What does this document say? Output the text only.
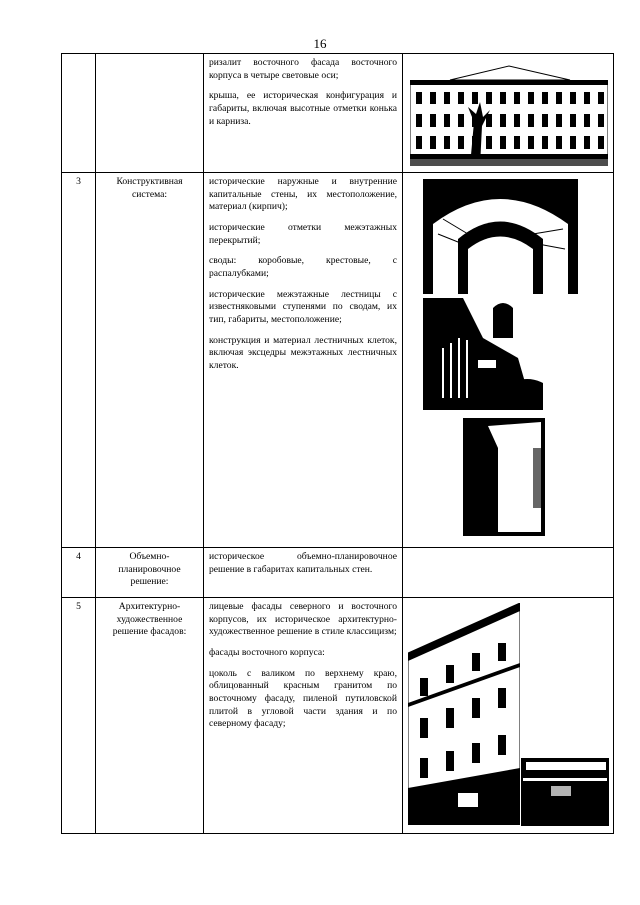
16

		ризалит восточного фасада восточного корпуса в четыре световые оси;

крыша, ее историческая конфигурация и габариты, включая высотные отметки конька и карниза.

3	Конструктивная система:	исторические наружные и внутренние капитальные стены, их местоположение, материал (кирпич);

исторические отметки межэтажных перекрытий;

своды: коробовые, крестовые, с распалубками;

исторические межэтажные лестницы с известняковыми ступенями по сводам, их тип, габариты, местоположение;

конструкция и материал лестничных клеток, включая эксцедры межэтажных лестничных клеток.

4	Объемно-планировочное решение:	историческое объемно-планировочное решение в габаритах капитальных стен.	

5	Архитектурно-художественное решение фасадов:	лицевые фасады северного и восточного корпусов, их историческое архитектурно-художественное решение в стиле классицизм;

фасады восточного корпуса:

цоколь с валиком по верхнему краю, облицованный красным гранитом по восточному фасаду, пиленой путиловской плитой в угловой части здания и по северному фасаду;
